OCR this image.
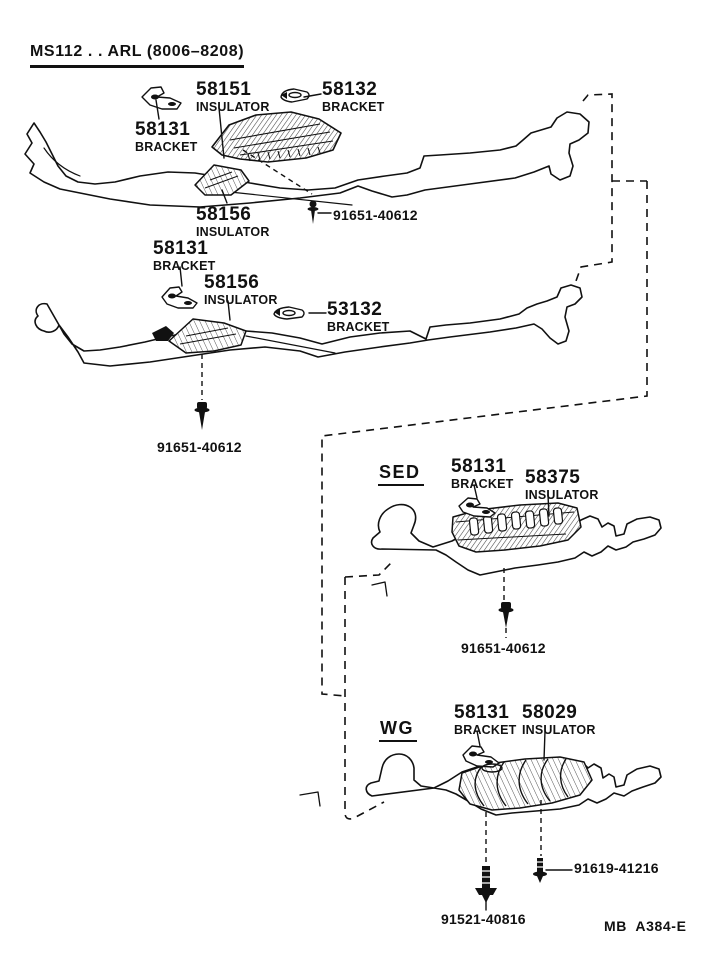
MS112 . . ARL (8006–8208)
58151
INSULATOR
58132
BRACKET
58131
BRACKET
58156
INSULATOR
91651-40612
58131
BRACKET
58156
INSULATOR	53132
BRACKET
91651-40612
SED 58131
BRACKET 58375
INSULATOR
91651-40612
WG
58131
BRACKET
58029
INSULATOR
91619-41216
91521-40816	MB  A384-E
